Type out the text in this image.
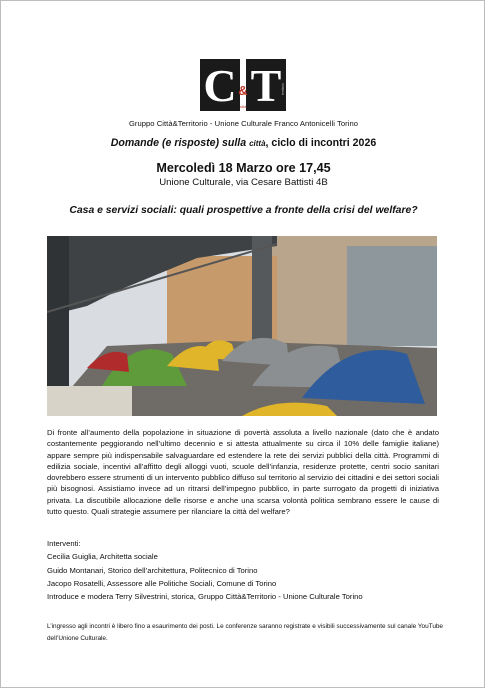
C T
&
città
territorio
Gruppo Città&Territorio - Unione Culturale Franco Antonicelli Torino
Domande (e risposte) sulla città, ciclo di incontri 2026
Mercoledì 18 Marzo ore 17,45
Unione Culturale, via Cesare Battisti 4B
Casa e servizi sociali: quali prospettive a fronte della crisi del welfare?
Di fronte all’aumento della popolazione in situazione di povertà assoluta a livello nazionale (dato che è andato costantemente peggiorando nell’ultimo decennio e si attesta attualmente su circa il 10% delle famiglie italiane) appare sempre più indispensabile salvaguardare ed estendere la rete dei servizi pubblici della città. Programmi di edilizia sociale, incentivi all’affitto degli alloggi vuoti, scuole dell’infanzia, residenze protette, centri socio sanitari dovrebbero essere strumenti di un intervento pubblico diffuso sul territorio al servizio dei cittadini e dei settori sociali più bisognosi. Assistiamo invece ad un ritrarsi dell’impegno pubblico, in parte surrogato da progetti di iniziativa privata. La discutibile allocazione delle risorse e anche una scarsa volontà politica sembrano essere le cause di tutto questo. Quali strategie assumere per rilanciare la città del welfare?
Interventi:
Cecilia Guiglia, Architetta sociale
Guido Montanari, Storico dell’architettura, Politecnico di Torino
Jacopo Rosatelli, Assessore alle Politiche Sociali, Comune di Torino
Introduce e modera Terry Silvestrini, storica, Gruppo Città&Territorio - Unione Culturale Torino
L’ingresso agli incontri è libero fino a esaurimento dei posti. Le conferenze saranno registrate e visibili successivamente sul canale YouTube dell’Unione Culturale.
